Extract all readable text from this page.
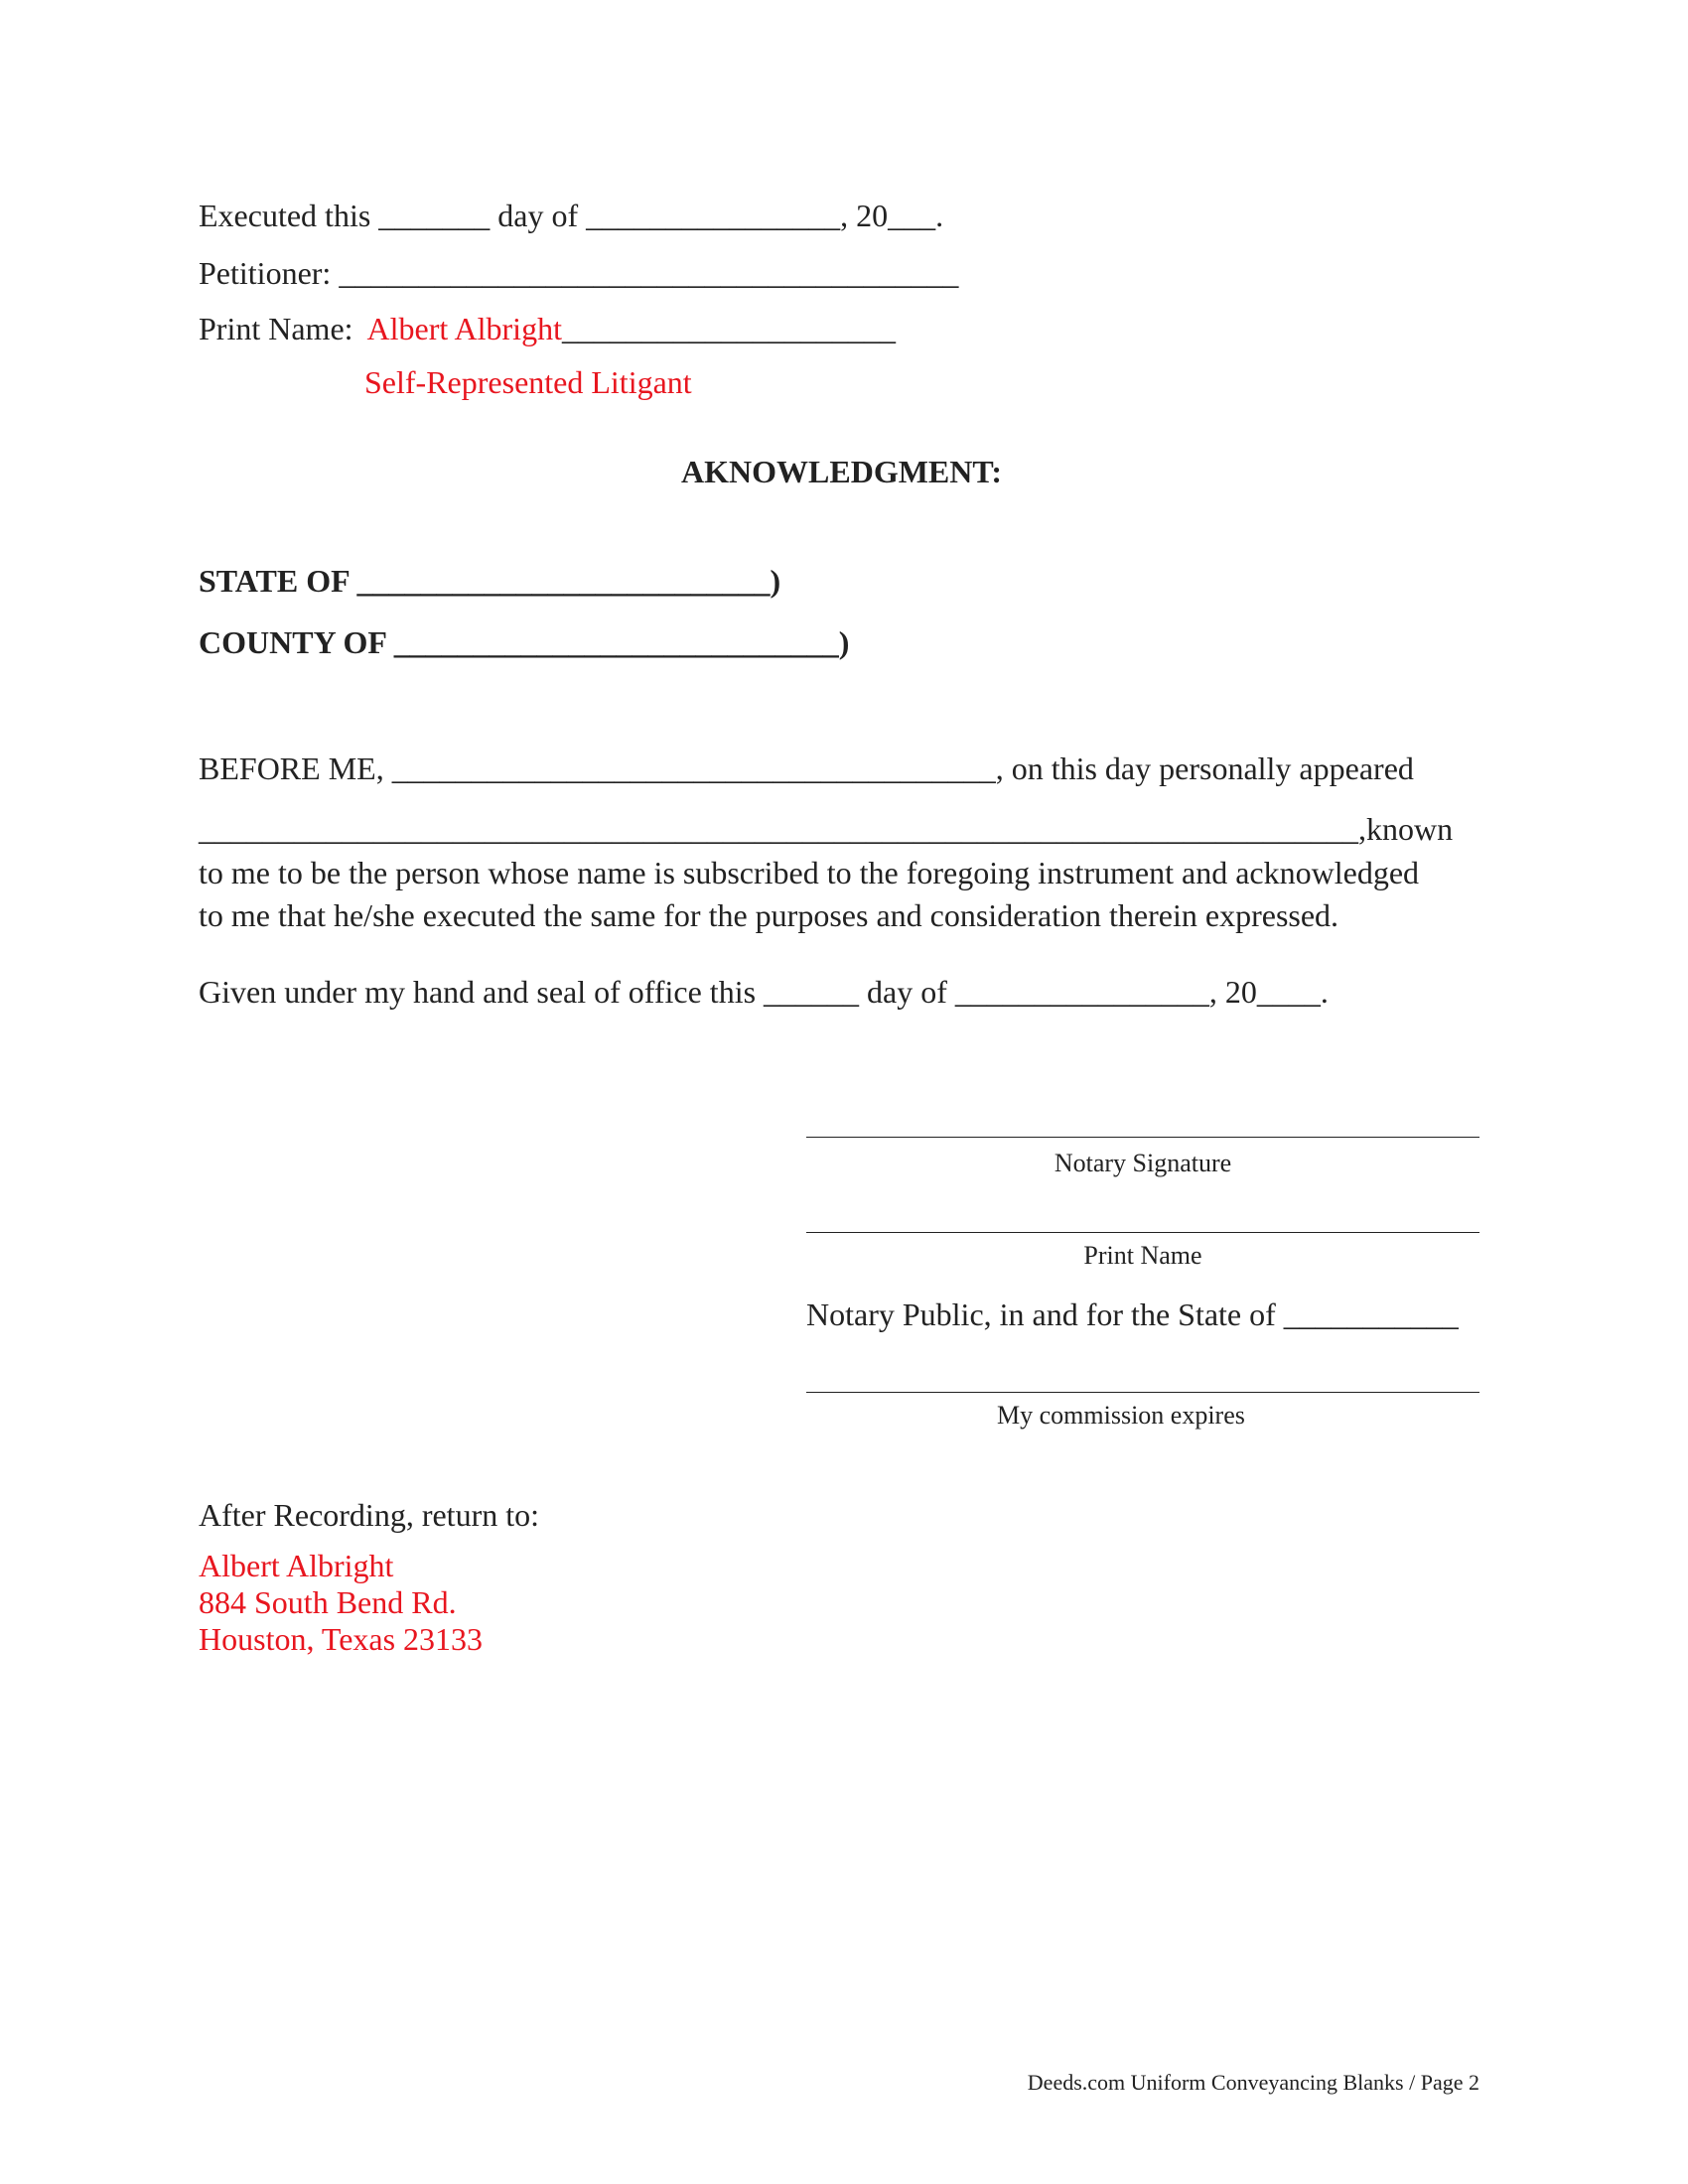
Executed this _______ day of ________________, 20___.
Petitioner: _______________________________________
Print Name: Albert Albright_____________________
Self-Represented Litigant
AKNOWLEDGMENT:
STATE OF __________________________)
COUNTY OF ____________________________)
BEFORE ME, ______________________________________, on this day personally appeared
_________________________________________________________________________,known
to me to be the person whose name is subscribed to the foregoing instrument and acknowledged
to me that he/she executed the same for the purposes and consideration therein expressed.
Given under my hand and seal of office this ______ day of ________________, 20____.
Notary Signature
Print Name
Notary Public, in and for the State of ___________
My commission expires
After Recording, return to:
Albert Albright
884 South Bend Rd.
Houston, Texas 23133
Deeds.com Uniform Conveyancing Blanks / Page 2
